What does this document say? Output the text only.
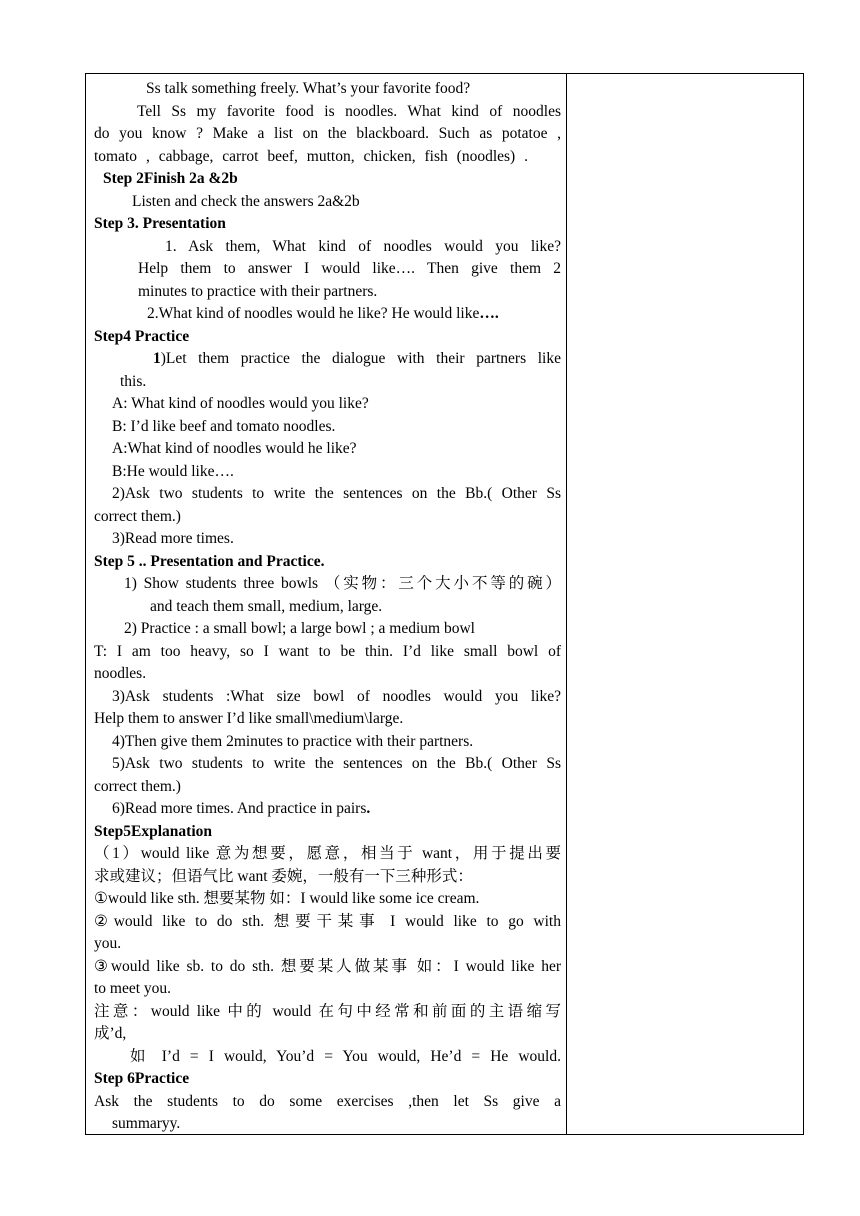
Ss talk something freely. What’s your favorite food?
Tell Ss my favorite food is noodles. What kind of noodles
do you know ? Make a list on the blackboard. Such as potatoe ,
tomato , cabbage, carrot beef, mutton, chicken, fish (noodles) .
Step 2Finish 2a &2b
Listen and check the answers 2a&2b
Step 3. Presentation
1. Ask them, What kind of noodles would you like?
Help them to answer I would like…. Then give them 2
minutes to practice with their partners.
2.What kind of noodles would he like? He would like….
Step4 Practice
1)Let them practice the dialogue with their partners like
this.
A: What kind of noodles would you like?
B: I’d like beef and tomato noodles.
A:What kind of noodles would he like?
B:He would like….
2)Ask two students to write the sentences on the Bb.( Other Ss
correct them.)
3)Read more times.
Step 5 .. Presentation and Practice.
1) Show students three bowls （实物：三个大小不等的碗）
and teach them small, medium, large.
2) Practice : a small bowl; a large bowl ; a medium bowl
T: I am too heavy, so I want to be thin. I’d like small bowl of
noodles.
3)Ask students :What size bowl of noodles would you like?
Help them to answer I’d like small\medium\large.
4)Then give them 2minutes to practice with their partners.
5)Ask two students to write the sentences on the Bb.( Other Ss
correct them.)
6)Read more times. And practice in pairs.
Step5Explanation
（1）would like 意为想要，愿意，相当于 want，用于提出要
求或建议；但语气比 want 委婉，一般有一下三种形式：
①would like sth. 想要某物 如：I would like some ice cream.
②would like to do sth. 想要干某事 I would like to go with
you.
③would like sb. to do sth. 想要某人做某事 如：I would like her
to meet you.
注意：would like 中的 would 在句中经常和前面的主语缩写
成’d,
如 I’d = I would, You’d = You would, He’d = He would.
Step 6Practice
Ask the students to do some exercises ,then let Ss give a
summaryy.
